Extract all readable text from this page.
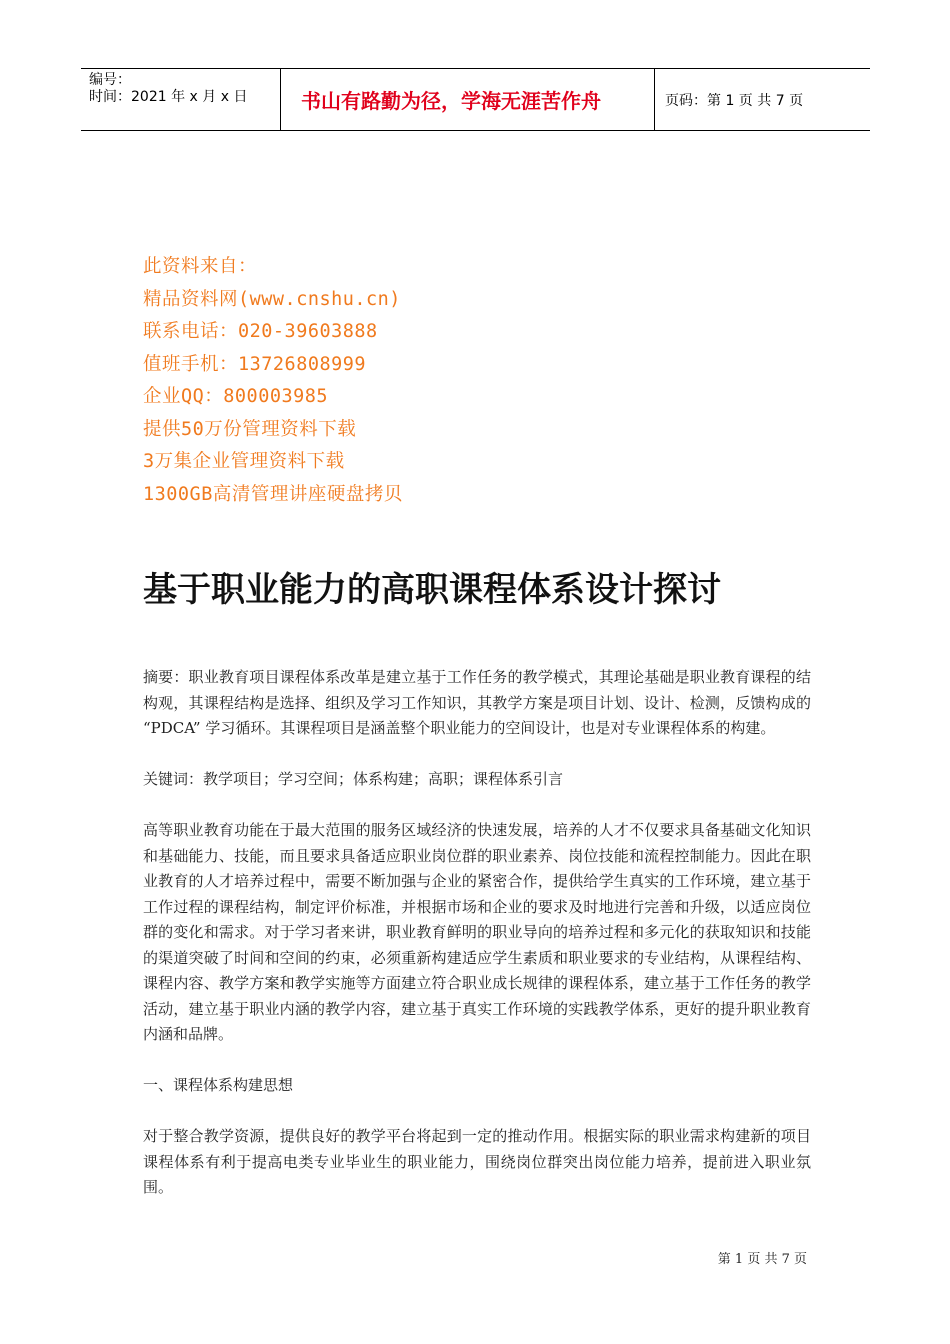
编号：
时间：2021 年 x 月 x 日	书山有路勤为径，学海无涯苦作舟	页码：第 1 页 共 7 页
此资料来自：
精品资料网(www.cnshu.cn)
联系电话：020-39603888
值班手机：13726808999
企业QQ：800003985
提供50万份管理资料下载
3万集企业管理资料下载
1300GB高清管理讲座硬盘拷贝
基于职业能力的高职课程体系设计探讨

摘要：职业教育项目课程体系改革是建立基于工作任务的教学模式，其理论基础是职业教育课程的结构观，其课程结构是选择、组织及学习工作知识，其教学方案是项目计划、设计、检测，反馈构成的 “PDCA” 学习循环。其课程项目是涵盖整个职业能力的空间设计，也是对专业课程体系的构建。

关键词：教学项目；学习空间；体系构建；高职；课程体系引言

高等职业教育功能在于最大范围的服务区域经济的快速发展，培养的人才不仅要求具备基础文化知识和基础能力、技能，而且要求具备适应职业岗位群的职业素养、岗位技能和流程控制能力。因此在职业教育的人才培养过程中，需要不断加强与企业的紧密合作，提供给学生真实的工作环境，建立基于工作过程的课程结构，制定评价标准，并根据市场和企业的要求及时地进行完善和升级，以适应岗位群的变化和需求。对于学习者来讲，职业教育鲜明的职业导向的培养过程和多元化的获取知识和技能的渠道突破了时间和空间的约束，必须重新构建适应学生素质和职业要求的专业结构，从课程结构、课程内容、教学方案和教学实施等方面建立符合职业成长规律的课程体系，建立基于工作任务的教学活动，建立基于职业内涵的教学内容，建立基于真实工作环境的实践教学体系，更好的提升职业教育内涵和品牌。

一、课程体系构建思想

对于整合教学资源，提供良好的教学平台将起到一定的推动作用。根据实际的职业需求构建新的项目课程体系有利于提高电类专业毕业生的职业能力，围绕岗位群突出岗位能力培养，提前进入职业氛围。

第 1 页 共 7 页
